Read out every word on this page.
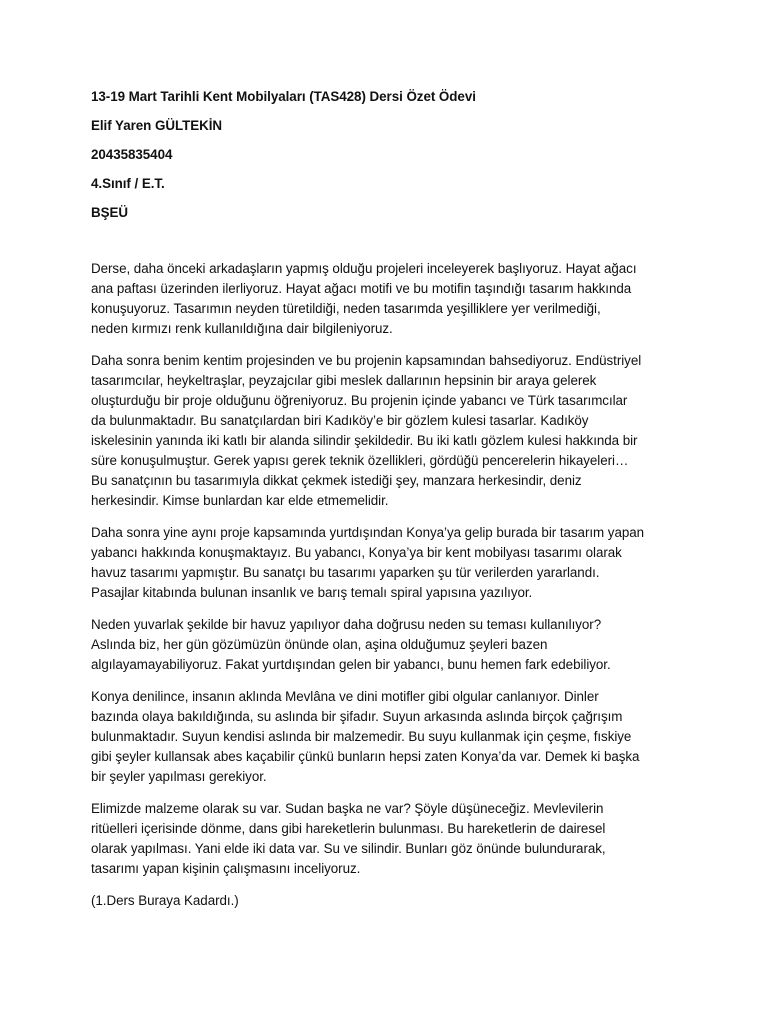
13-19 Mart Tarihli Kent Mobilyaları (TAS428) Dersi Özet Ödevi
Elif Yaren GÜLTEKİN
20435835404
4.Sınıf / E.T.
BŞEÜ

Derse, daha önceki arkadaşların yapmış olduğu projeleri inceleyerek başlıyoruz. Hayat ağacı
ana paftası üzerinden ilerliyoruz. Hayat ağacı motifi ve bu motifin taşındığı tasarım hakkında
konuşuyoruz. Tasarımın neyden türetildiği, neden tasarımda yeşilliklere yer verilmediği,
neden kırmızı renk kullanıldığına dair bilgileniyoruz.

Daha sonra benim kentim projesinden ve bu projenin kapsamından bahsediyoruz. Endüstriyel
tasarımcılar, heykeltraşlar, peyzajcılar gibi meslek dallarının hepsinin bir araya gelerek
oluşturduğu bir proje olduğunu öğreniyoruz. Bu projenin içinde yabancı ve Türk tasarımcılar
da bulunmaktadır. Bu sanatçılardan biri Kadıköy’e bir gözlem kulesi tasarlar. Kadıköy
iskelesinin yanında iki katlı bir alanda silindir şekildedir. Bu iki katlı gözlem kulesi hakkında bir
süre konuşulmuştur. Gerek yapısı gerek teknik özellikleri, gördüğü pencerelerin hikayeleri…
Bu sanatçının bu tasarımıyla dikkat çekmek istediği şey, manzara herkesindir, deniz
herkesindir. Kimse bunlardan kar elde etmemelidir.

Daha sonra yine aynı proje kapsamında yurtdışından Konya’ya gelip burada bir tasarım yapan
yabancı hakkında konuşmaktayız. Bu yabancı, Konya’ya bir kent mobilyası tasarımı olarak
havuz tasarımı yapmıştır. Bu sanatçı bu tasarımı yaparken şu tür verilerden yararlandı.
Pasajlar kitabında bulunan insanlık ve barış temalı spiral yapısına yazılıyor.

Neden yuvarlak şekilde bir havuz yapılıyor daha doğrusu neden su teması kullanılıyor?
Aslında biz, her gün gözümüzün önünde olan, aşina olduğumuz şeyleri bazen
algılayamayabiliyoruz. Fakat yurtdışından gelen bir yabancı, bunu hemen fark edebiliyor.

Konya denilince, insanın aklında Mevlâna ve dini motifler gibi olgular canlanıyor. Dinler
bazında olaya bakıldığında, su aslında bir şifadır. Suyun arkasında aslında birçok çağrışım
bulunmaktadır. Suyun kendisi aslında bir malzemedir. Bu suyu kullanmak için çeşme, fıskiye
gibi şeyler kullansak abes kaçabilir çünkü bunların hepsi zaten Konya’da var. Demek ki başka
bir şeyler yapılması gerekiyor.

Elimizde malzeme olarak su var. Sudan başka ne var? Şöyle düşüneceğiz. Mevlevilerin
ritüelleri içerisinde dönme, dans gibi hareketlerin bulunması. Bu hareketlerin de dairesel
olarak yapılması. Yani elde iki data var. Su ve silindir. Bunları göz önünde bulundurarak,
tasarımı yapan kişinin çalışmasını inceliyoruz.

(1.Ders Buraya Kadardı.)
